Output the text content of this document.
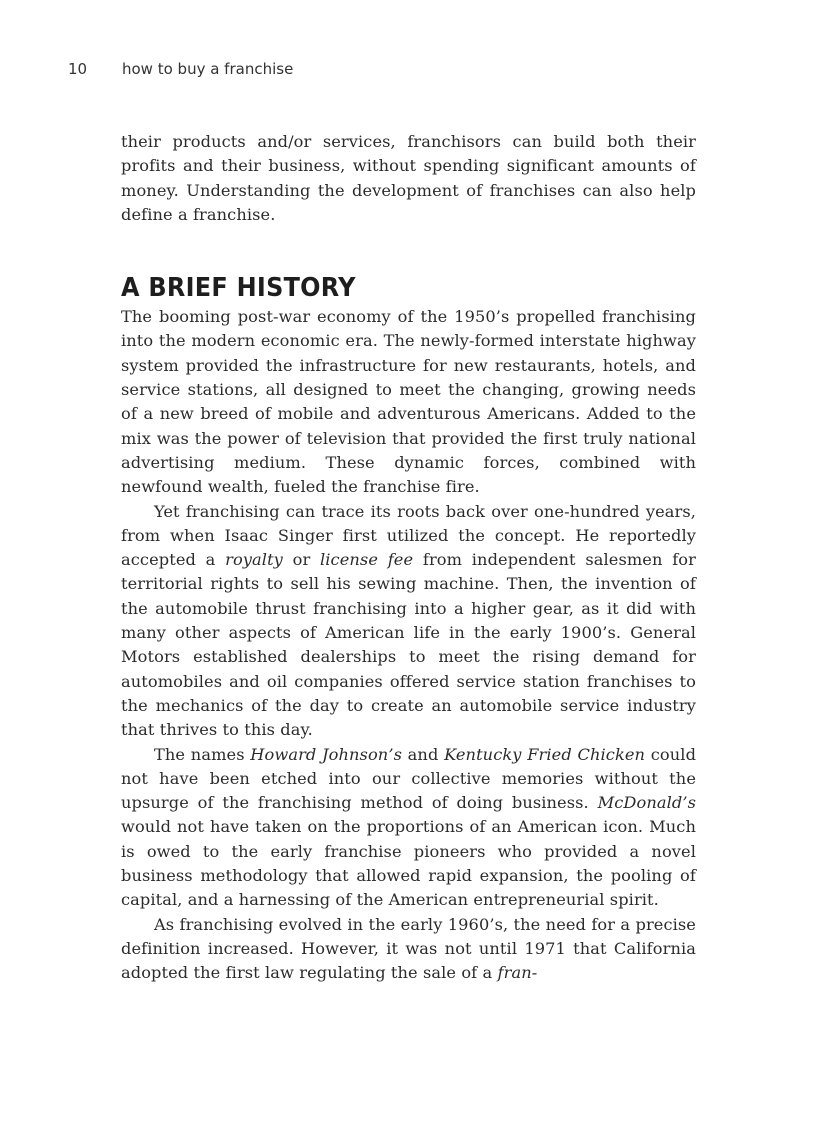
10	how to buy a franchise

their products and/or services, franchisors can build both their profits and their business, without spending significant amounts of money. Understanding the development of franchises can also help define a franchise.

A BRIEF HISTORY

The booming post-war economy of the 1950’s propelled franchising into the modern economic era. The newly-formed interstate highway system provided the infrastructure for new restaurants, hotels, and service stations, all designed to meet the changing, growing needs of a new breed of mobile and adventurous Americans. Added to the mix was the power of television that provided the first truly national advertising medium. These dynamic forces, combined with newfound wealth, fueled the franchise fire.

Yet franchising can trace its roots back over one-hundred years, from when Isaac Singer first utilized the concept. He reportedly accepted a royalty or license fee from independent salesmen for territorial rights to sell his sewing machine. Then, the invention of the automobile thrust franchising into a higher gear, as it did with many other aspects of American life in the early 1900’s. General Motors established dealerships to meet the rising demand for automobiles and oil companies offered service station franchises to the mechanics of the day to create an automobile service industry that thrives to this day.

The names Howard Johnson’s and Kentucky Fried Chicken could not have been etched into our collective memories without the upsurge of the franchising method of doing business. McDonald’s would not have taken on the proportions of an American icon. Much is owed to the early franchise pioneers who provided a novel business methodology that allowed rapid expansion, the pooling of capital, and a harnessing of the American entrepreneurial spirit.

As franchising evolved in the early 1960’s, the need for a precise definition increased. However, it was not until 1971 that California adopted the first law regulating the sale of a fran-
